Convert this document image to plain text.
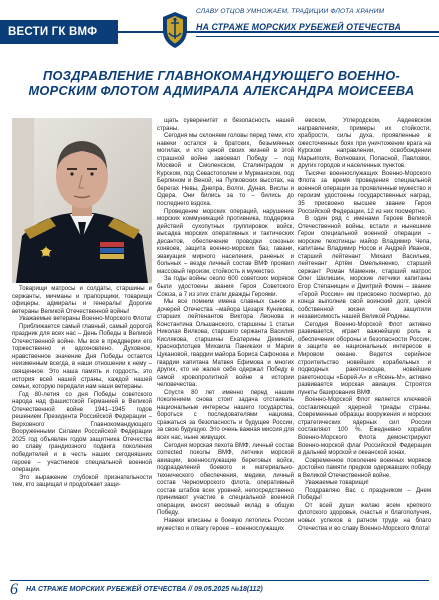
ВЕСТИ ГК ВМФ
СЛАВУ ОТЦОВ УМНОЖАЕМ, ТРАДИЦИИ ФЛОТА ХРАНИМ
НА СТРАЖЕ МОРСКИХ РУБЕЖЕЙ ОТЕЧЕСТВА
ПОЗДРАВЛЕНИЕ ГЛАВНОКОМАНДУЮЩЕГО ВОЕННО-МОРСКИМ ФЛОТОМ АДМИРАЛА АЛЕКСАНДРА МОИСЕЕВА

Товарищи матросы и солдаты, старшины и сержанты, мичманы и прапорщики, товарищи офицеры, адмиралы и генералы! Дорогие ветераны Великой Отечественной войны!

Уважаемые ветераны Военно-Морского Флота!

Приближается самый главный, самый дорогой праздник для всех нас – День Победы в Великой Отечественной войне. Мы все в преддверии его торжественно и вдохновлено. Духовное, нравственное значение Дня Победы остается неизменным всегда, в наши отношении к нему – священное. Это наша память и гордость, это история всей нашей страны, каждой нашей семьи, которую передали нам наши ветераны.

Год 80-летия со дня Победы советского народа над фашистской Германией в Великой Отечественной войне 1941–1945 годов решением Президента Российской Федерации – Верховного Главнокомандующего Вооруженными Силами Российской Федерации 2025 год объявлен годом защитника Отечества во славу грандиозного подвига поколения победителей и в честь наших сегодняшних героев – участников специальной военной операции.

Это выражение глубокой признательности тем, кто защищал и продолжает защи-

щать суверенитет и безопасность нашей страны.

Сегодня мы склоняем головы перед теми, кто навеки остался в братских, безымянных могилах, и кто ценой своих жизней в этой страшной войне завоевал Победу – под Москвой и Смоленском, Сталинградом и Курском, под Севастополем и Мурманском, под Берлином и Веной, на Пулковских высотах, на берегах Невы, Днепра, Волги, Дуная, Вислы и Одера. Они бились за то – бились до последнего вздоха.

Проведение морских операций, нарушение морских коммуникаций противника, поддержка действий сухопутных группировок войск, высадка морских оперативных и тактических десантов, обеспечение проводки союзных конвоев, защита военно-морских баз, гавани, эвакуация мирного населения, раненых и больных – везде личный состав ВМФ проявил массовый героизм, стойкость и мужество.

За годы войны около 600 советских моряков были удостоены звания Героя Советского Союза, а 7 из этих стали дважды Героями.

Мы все помним имена славных сынов и дочерей Отечества –майора Цезаря Куникова, старших лейтенантов Виктора Леонова и Константина Ольшанского, старшины 1 статьи Николая Вилкова, старшего сержанта Василия Кислякова, старшины Екатерины Деминой, краснофлотцев Михаила Паникахи и Марии Цукановой, гвардии майора Бориса Сафонова и гвардии капитана Матвея Ефимова и многих других, кто не жалея себя одержал Победу в самой кровопролитной войне в истории человечества.

Спустя 80 лет именно перед нашим поколением снова стоит задача отстаивать национальные интересы нашего государства, бороться с последователями нацизма, сражаться за безопасность и будущее России, за свою будущую. Это очень важная миссия для всех нас, ныне живущих.

Сегодня морская пехота ВМФ, личный состав corrected поколы ВМФ, летчики морской авиации, военнослужащие береговых войск, подразделений боевого и материально-технического обеспечения, медики, личный состав Черноморского флота, оперативный состав штабов всех уровней, непосредственно принимают участие в специальной военной операции, вносят весомый вклад в общую Победу.

Навеки вписаны в боевую летопись России мужество и отвагу героев – военнослужащих

евском, Углеродском, Авдеевском направлениях, примеры их стойкости, храбрости, силы духа, проявленные в ожесточенных боях при уничтожении врага на Курском направлении, освобождении Марьиполя, Волновахи, Попасной, Павловки, других городов и населенных пунктов.

Тысячи военнослужащих Военно-Морского Флота за время проведения специальной военной операции за проявленные мужество и героизм удостоены государственных наград, 35 присвоено высшее звание Героя Российской Федерации, 12 из них посмертно.

В один ряд с именами Героев Великой Отечественной войны, встали и нынешние Герои специальной военной операции – морские пехотинцы майор Владимир Чепа, капитаны Владимир Носов и Андрей Иванов, старший лейтенант Михаил Васильев, лейтенант Артём Омельяненко, старший сержант Роман Маменин, старший матрос Олег Шилишин, морские летчики капитаны Егор Степанищин и Дмитрий Фомин – звание «Герой России» им присвоено посмертно, до конца выполнив свой воинский долг, ценой собственной жизни они защитили независимость нашей Великой Родины.

Сегодня Военно-Морской Флот активно развивается, играет важнейшую роль в обеспечении обороны и безопасности России, в защите ее национальных интересов в Мировом океане. Ведется серийное строительство новейших корабельных и подводных ракетоносцев, новейшие ракетоносцы «Борей-А» и «Ясень-М», активно развивается морская авиация. Строятся пункты базирования ВМФ.

Военно-Морской Флот является ключевой составляющей ядерной триады страны. Современные образцы вооружения и морских стратегических ядерных сил России составляют 100 %. Ежедневно корабли Военно-Морского Флота демонстрируют Военно-морской флаг Российской Федерации в дальней морской и океанской зонах.

Современное поколение военных моряков достойно памяти предков одержавших победу в Великой Отечественной войне.

Уважаемые товарищи!

Поздравляю Вас с праздником – Днем Победы!

От всей души желаю всем крепкого флотского здоровья, счастья и благополучия, новых успехов в ратном труде на благо Отечества и во славу Военно-Морского Флота!

6 НА СТРАЖЕ МОРСКИХ РУБЕЖЕЙ ОТЕЧЕСТВА // 09.05.2025 №18(112)
